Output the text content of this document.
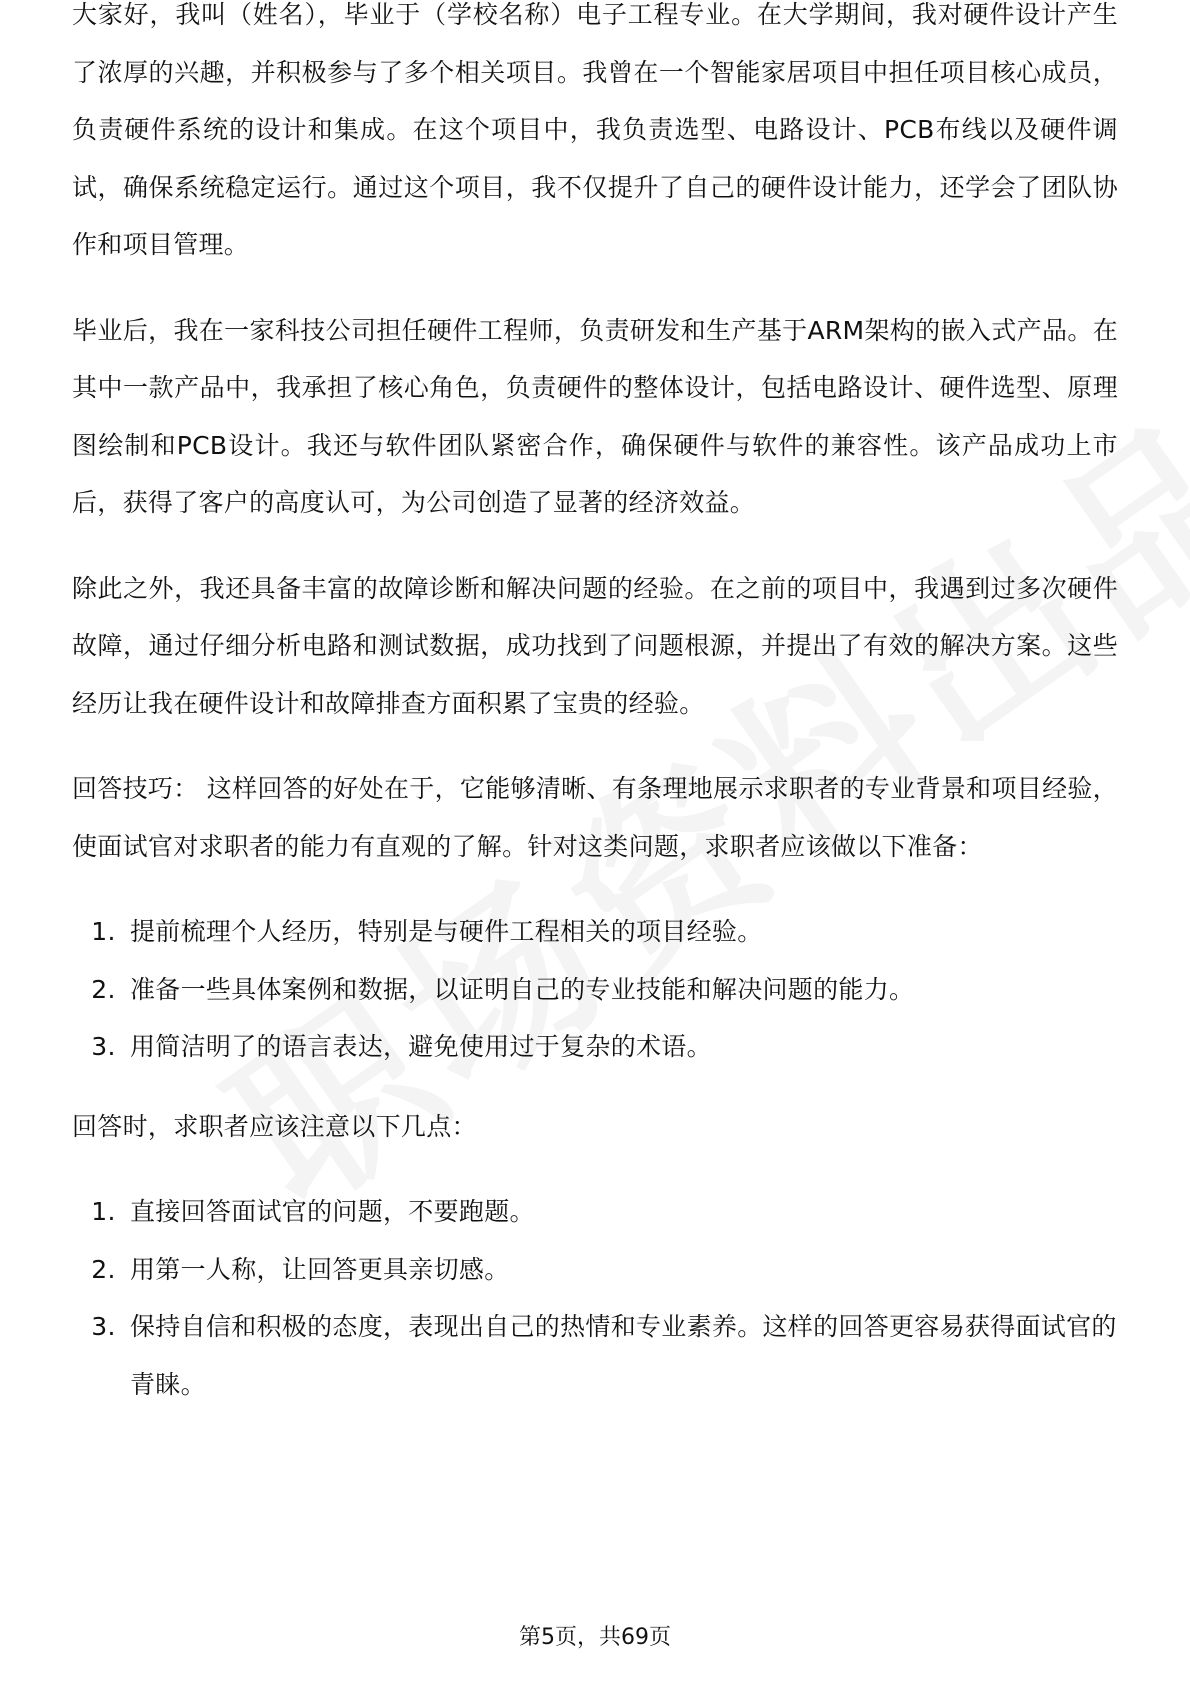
大家好，我叫（姓名），毕业于（学校名称）电子工程专业。在大学期间，我对硬件设计产生了浓厚的兴趣，并积极参与了多个相关项目。我曾在一个智能家居项目中担任项目核心成员，负责硬件系统的设计和集成。在这个项目中，我负责选型、电路设计、PCB布线以及硬件调试，确保系统稳定运行。通过这个项目，我不仅提升了自己的硬件设计能力，还学会了团队协作和项目管理。

毕业后，我在一家科技公司担任硬件工程师，负责研发和生产基于ARM架构的嵌入式产品。在其中一款产品中，我承担了核心角色，负责硬件的整体设计，包括电路设计、硬件选型、原理图绘制和PCB设计。我还与软件团队紧密合作，确保硬件与软件的兼容性。该产品成功上市后，获得了客户的高度认可，为公司创造了显著的经济效益。

除此之外，我还具备丰富的故障诊断和解决问题的经验。在之前的项目中，我遇到过多次硬件故障，通过仔细分析电路和测试数据，成功找到了问题根源，并提出了有效的解决方案。这些经历让我在硬件设计和故障排查方面积累了宝贵的经验。

回答技巧： 这样回答的好处在于，它能够清晰、有条理地展示求职者的专业背景和项目经验，使面试官对求职者的能力有直观的了解。针对这类问题，求职者应该做以下准备：

1. 提前梳理个人经历，特别是与硬件工程相关的项目经验。
2. 准备一些具体案例和数据，以证明自己的专业技能和解决问题的能力。
3. 用简洁明了的语言表达，避免使用过于复杂的术语。

回答时，求职者应该注意以下几点：

1. 直接回答面试官的问题，不要跑题。
2. 用第一人称，让回答更具亲切感。
3. 保持自信和积极的态度，表现出自己的热情和专业素养。这样的回答更容易获得面试官的青睐。
第5页，共69页
